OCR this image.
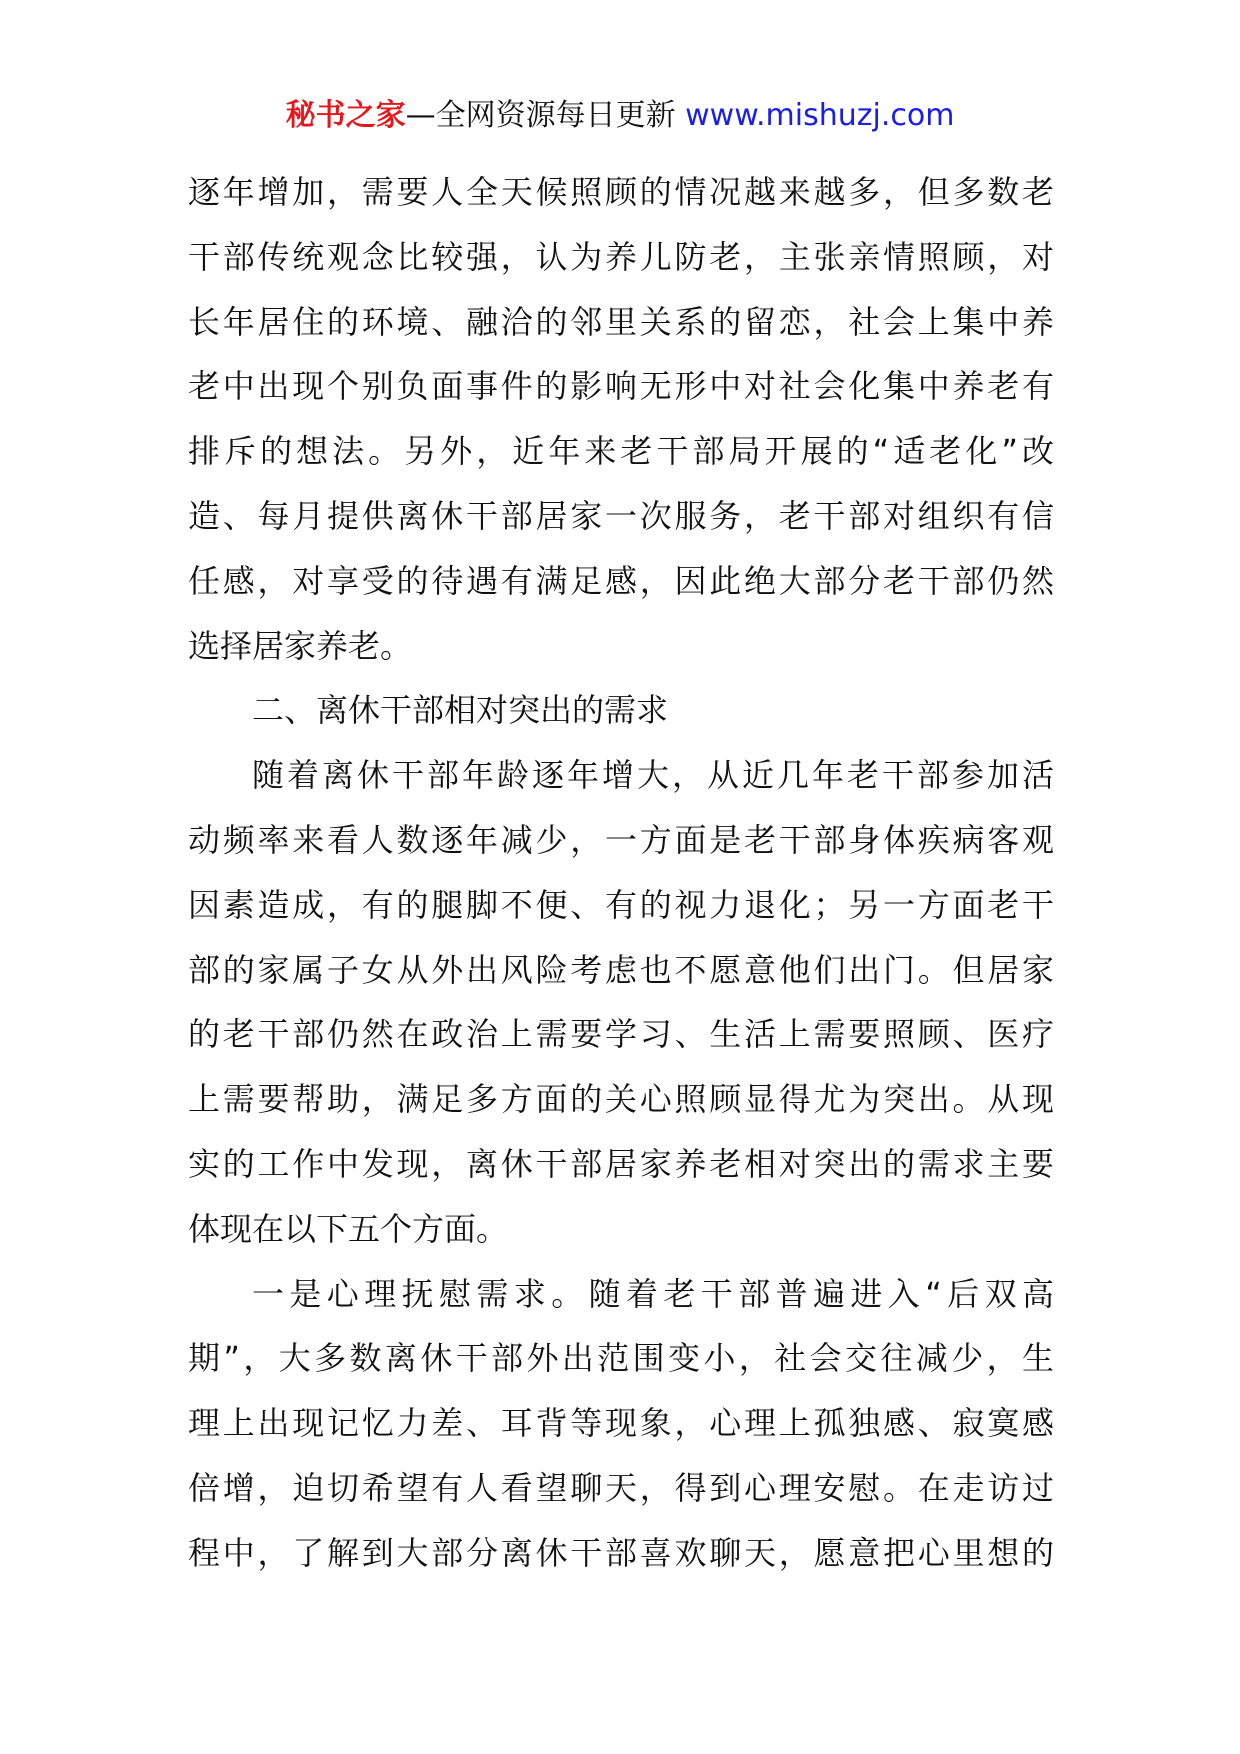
秘书之家—全网资源每日更新 www.mishuzj.com
逐年增加，需要人全天候照顾的情况越来越多，但多数老
干部传统观念比较强，认为养儿防老，主张亲情照顾，对
长年居住的环境、融洽的邻里关系的留恋，社会上集中养
老中出现个别负面事件的影响无形中对社会化集中养老有
排斥的想法。另外，近年来老干部局开展的“适老化”改
造、每月提供离休干部居家一次服务，老干部对组织有信
任感，对享受的待遇有满足感，因此绝大部分老干部仍然
选择居家养老。
二、离休干部相对突出的需求
随着离休干部年龄逐年增大，从近几年老干部参加活
动频率来看人数逐年减少，一方面是老干部身体疾病客观
因素造成，有的腿脚不便、有的视力退化；另一方面老干
部的家属子女从外出风险考虑也不愿意他们出门。但居家
的老干部仍然在政治上需要学习、生活上需要照顾、医疗
上需要帮助，满足多方面的关心照顾显得尤为突出。从现
实的工作中发现，离休干部居家养老相对突出的需求主要
体现在以下五个方面。
一是心理抚慰需求。随着老干部普遍进入“后双高
期”，大多数离休干部外出范围变小，社会交往减少，生
理上出现记忆力差、耳背等现象，心理上孤独感、寂寞感
倍增，迫切希望有人看望聊天，得到心理安慰。在走访过
程中，了解到大部分离休干部喜欢聊天，愿意把心里想的
